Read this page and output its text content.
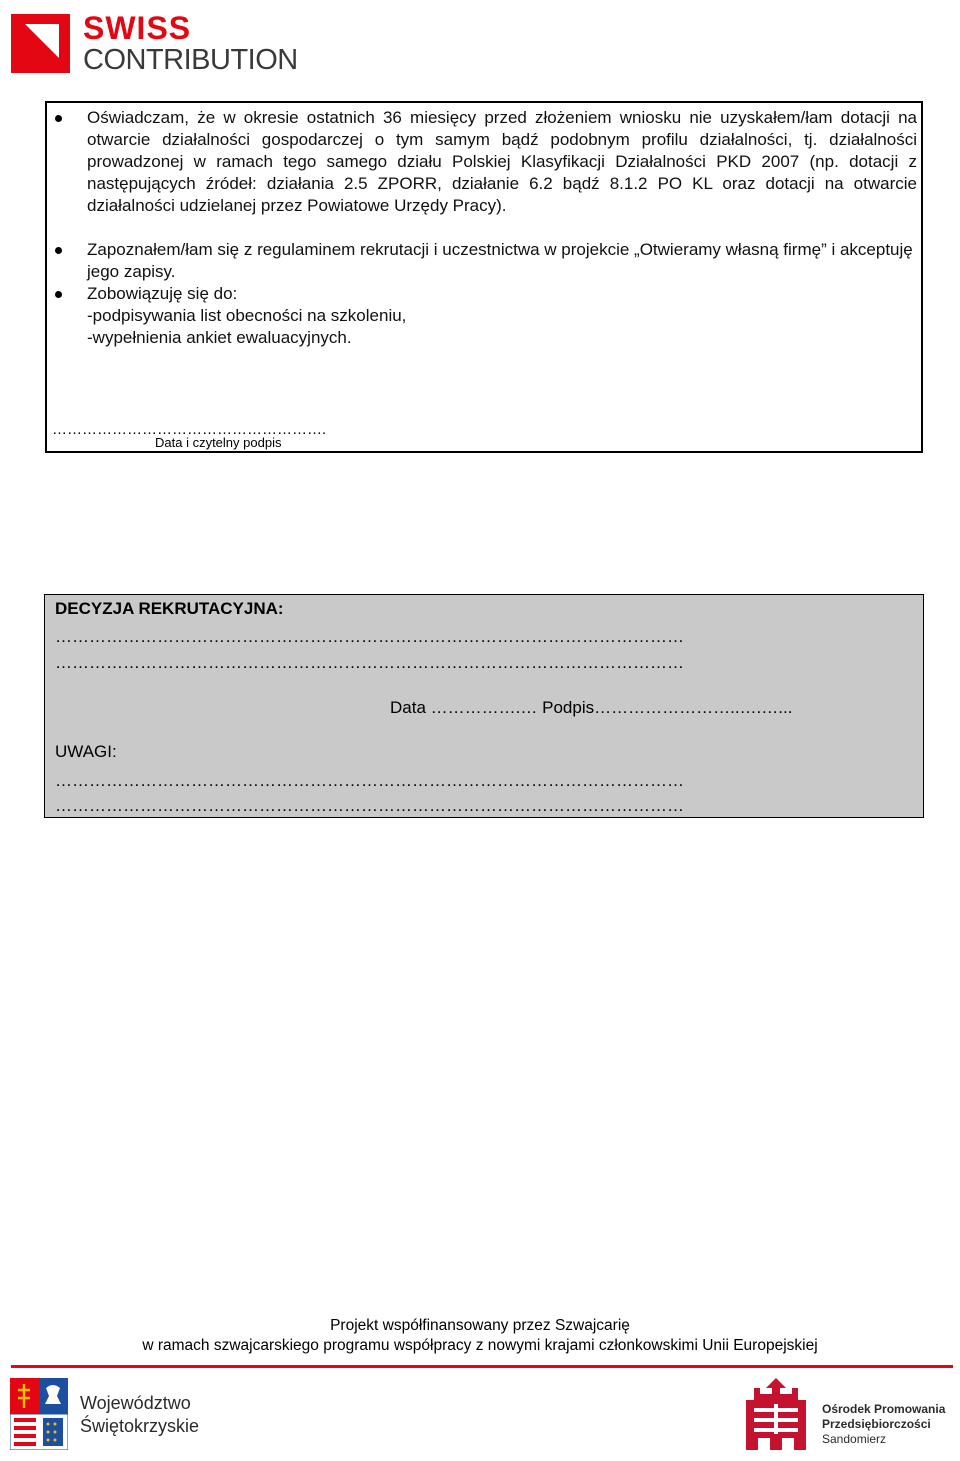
SWISS
CONTRIBUTION
Oświadczam, że w okresie ostatnich 36 miesięcy przed złożeniem wniosku nie uzyskałem/łam dotacji na otwarcie działalności gospodarczej o tym samym bądź podobnym profilu działalności, tj. działalności prowadzonej w ramach tego samego działu Polskiej Klasyfikacji Działalności PKD 2007 (np. dotacji z następujących źródeł: działania 2.5 ZPORR, działanie 6.2 bądź 8.1.2 PO KL oraz dotacji na otwarcie działalności udzielanej przez Powiatowe Urzędy Pracy).
Zapoznałem/łam się z regulaminem rekrutacji i uczestnictwa w projekcie „Otwieramy własną firmę” i akceptuję jego zapisy.
Zobowiązuję się do:
-podpisywania list obecności na szkoleniu,
-wypełnienia ankiet ewaluacyjnych.
……………………………………………….
Data i czytelny podpis
DECYZJA REKRUTACYJNA:
…………………………………………………………………………………………………
…………………………………………………………………………………………………
Data …………….… Podpis……………………..….…...
UWAGI:
…………………………………………………………………………………………………
…………………………………………………………………………………………………
Projekt współfinansowany przez Szwajcarię
w ramach szwajcarskiego programu współpracy z nowymi krajami członkowskimi Unii Europejskiej
Województwo
Świętokrzyskie
Ośrodek Promowania
Przedsiębiorczości
Sandomierz
